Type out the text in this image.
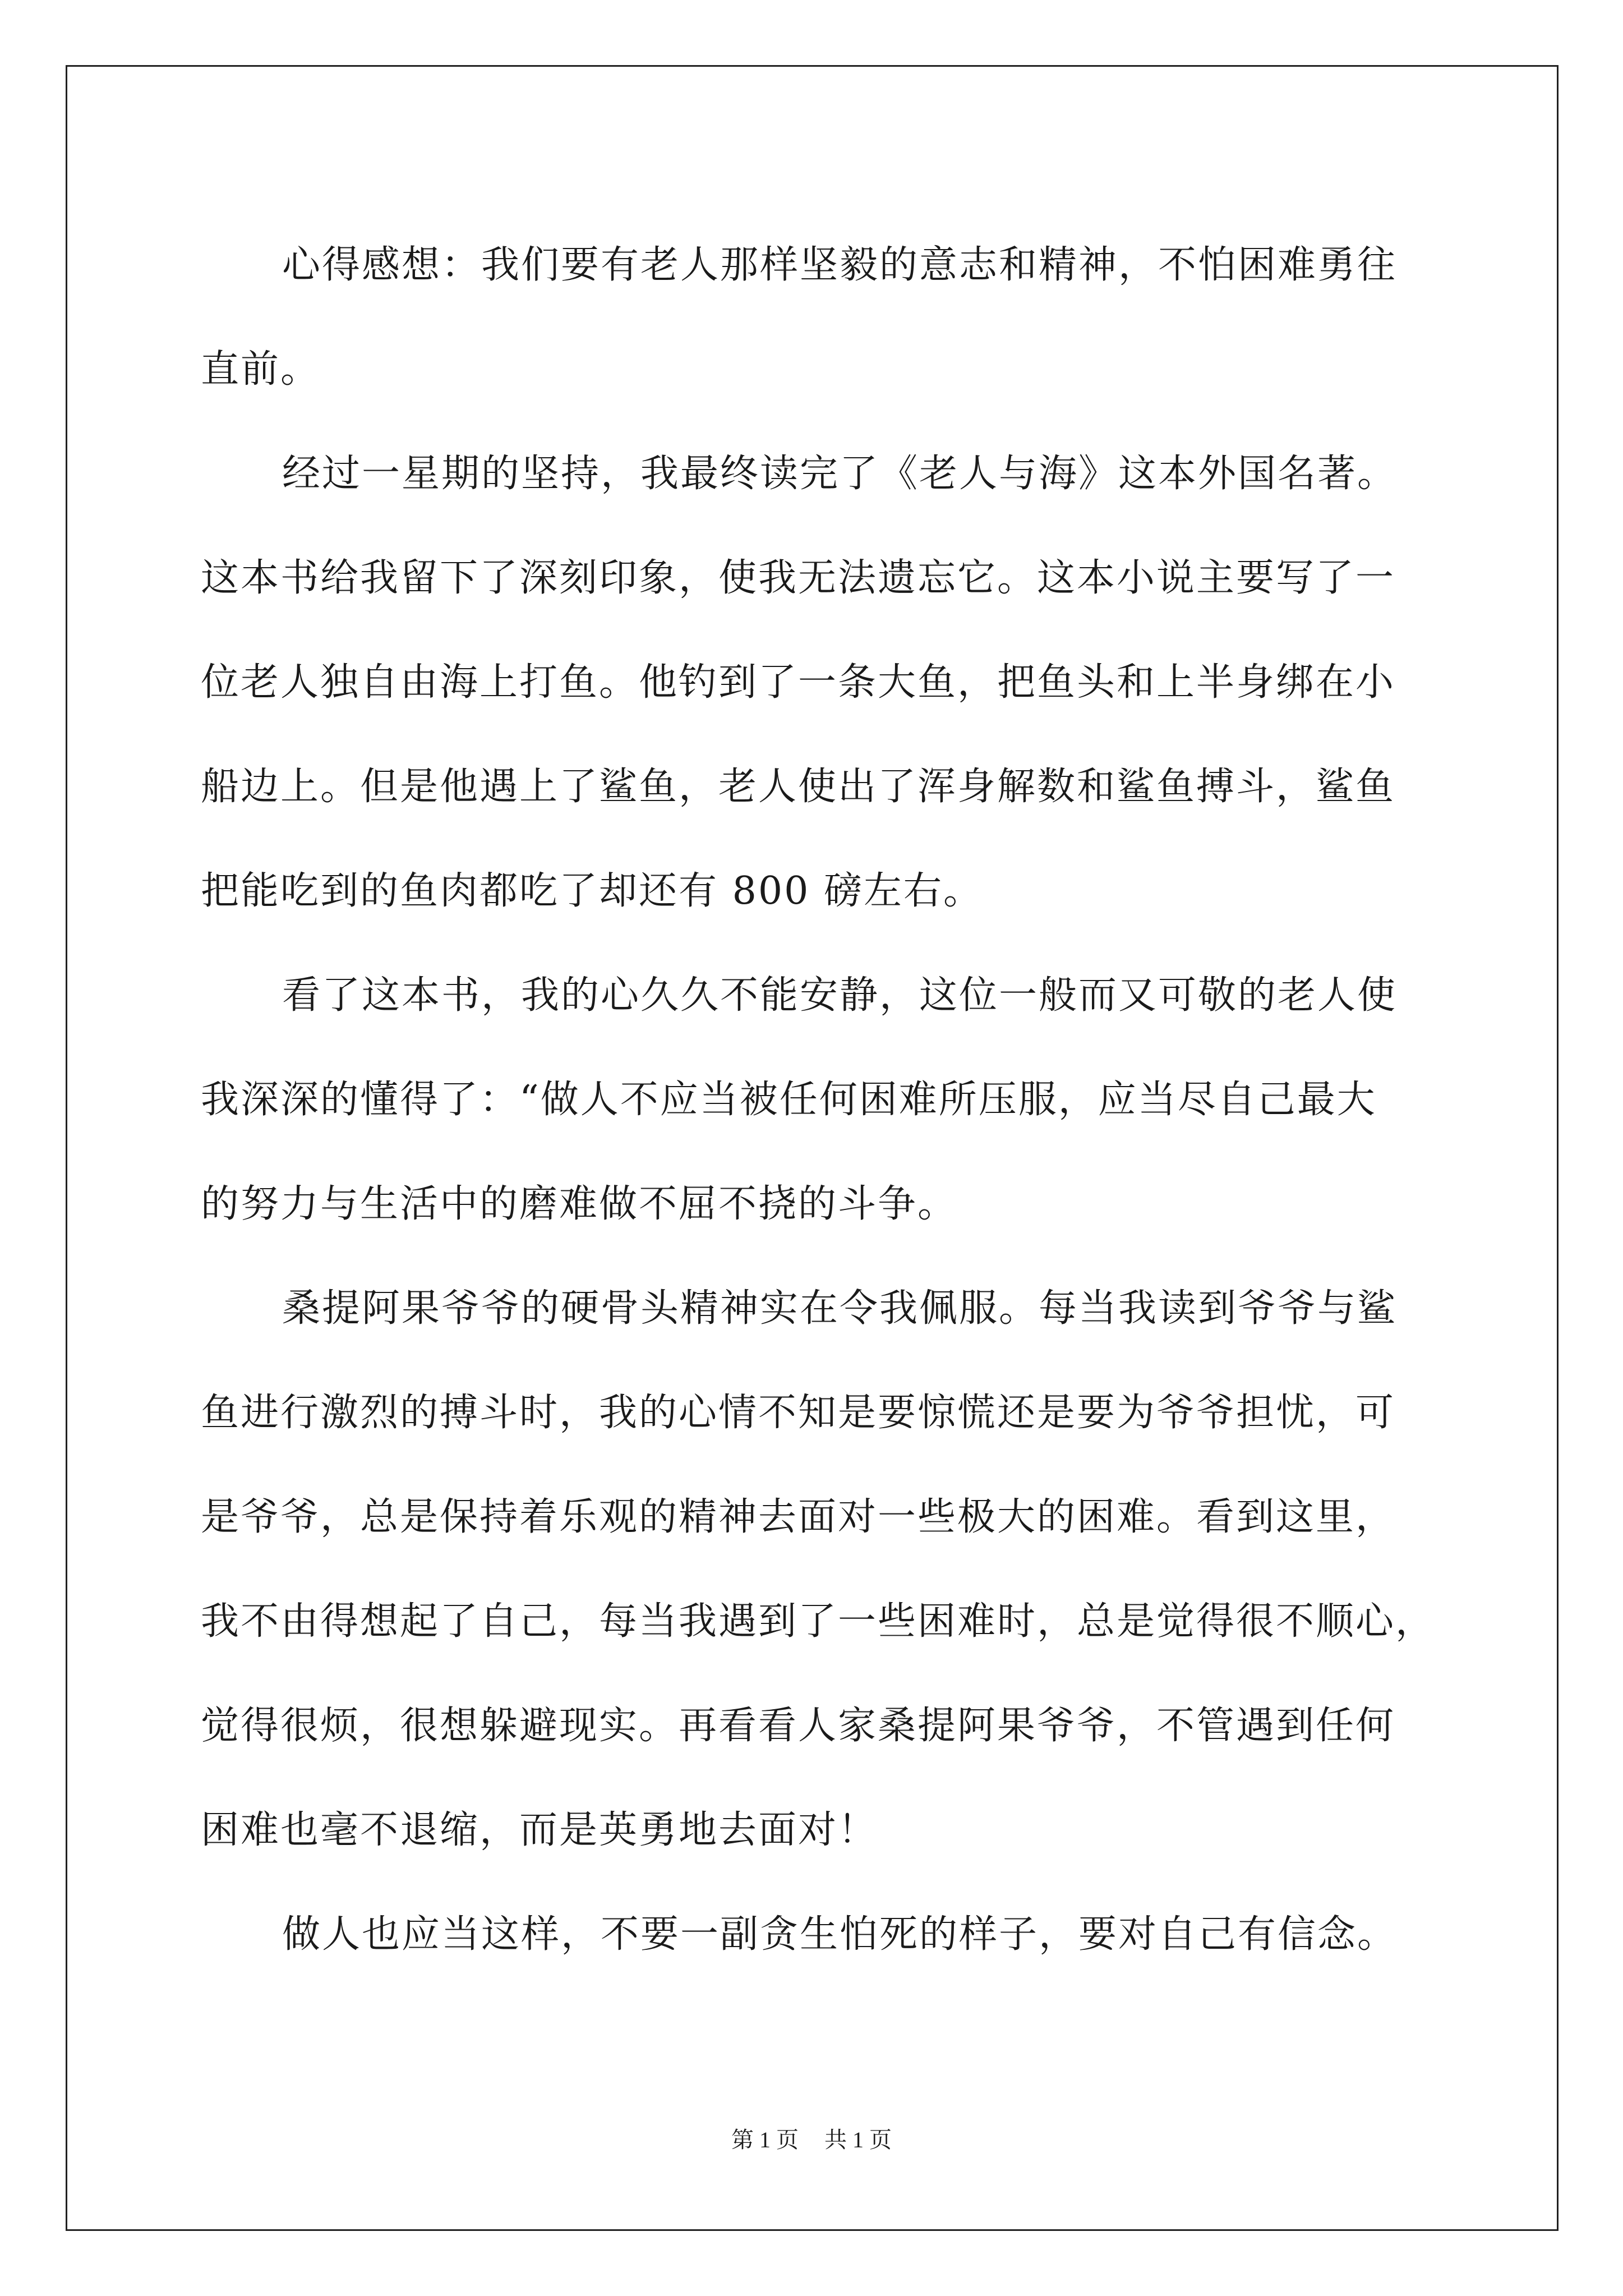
心得感想：我们要有老人那样坚毅的意志和精神，不怕困难勇往
直前。
经过一星期的坚持，我最终读完了《老人与海》这本外国名著。
这本书给我留下了深刻印象，使我无法遗忘它。这本小说主要写了一
位老人独自由海上打鱼。他钓到了一条大鱼，把鱼头和上半身绑在小
船边上。但是他遇上了鲨鱼，老人使出了浑身解数和鲨鱼搏斗，鲨鱼
把能吃到的鱼肉都吃了却还有 800 磅左右。
看了这本书，我的心久久不能安静，这位一般而又可敬的老人使
我深深的懂得了：“做人不应当被任何困难所压服，应当尽自己最大
的努力与生活中的磨难做不屈不挠的斗争。
桑提阿果爷爷的硬骨头精神实在令我佩服。每当我读到爷爷与鲨
鱼进行激烈的搏斗时，我的心情不知是要惊慌还是要为爷爷担忧，可
是爷爷，总是保持着乐观的精神去面对一些极大的困难。看到这里，
我不由得想起了自己，每当我遇到了一些困难时，总是觉得很不顺心，
觉得很烦，很想躲避现实。再看看人家桑提阿果爷爷，不管遇到任何
困难也毫不退缩，而是英勇地去面对！
做人也应当这样，不要一副贪生怕死的样子，要对自己有信念。
第 1 页 共 1 页
